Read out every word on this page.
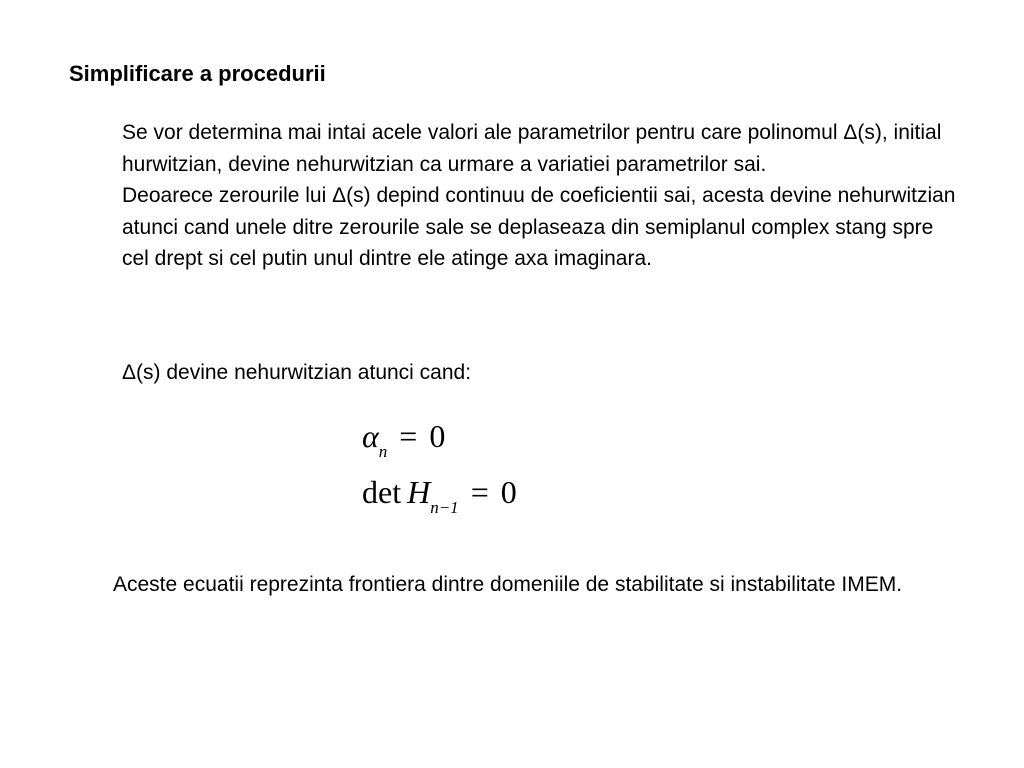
Simplificare a procedurii

Se vor determina mai intai acele valori ale parametrilor pentru care polinomul Δ(s), initial hurwitzian, devine nehurwitzian ca urmare a variatiei parametrilor sai.

Deoarece zerourile lui Δ(s) depind continuu de coeficientii sai, acesta devine nehurwitzian atunci cand unele ditre zerourile sale se deplaseaza din semiplanul complex stang spre cel drept si cel putin unul dintre ele atinge axa imaginara.

Δ(s) devine nehurwitzian atunci cand:

$\alpha_n = 0$
$\det H_{n-1} = 0$

Aceste ecuatii reprezinta frontiera dintre domeniile de stabilitate si instabilitate IMEM.
